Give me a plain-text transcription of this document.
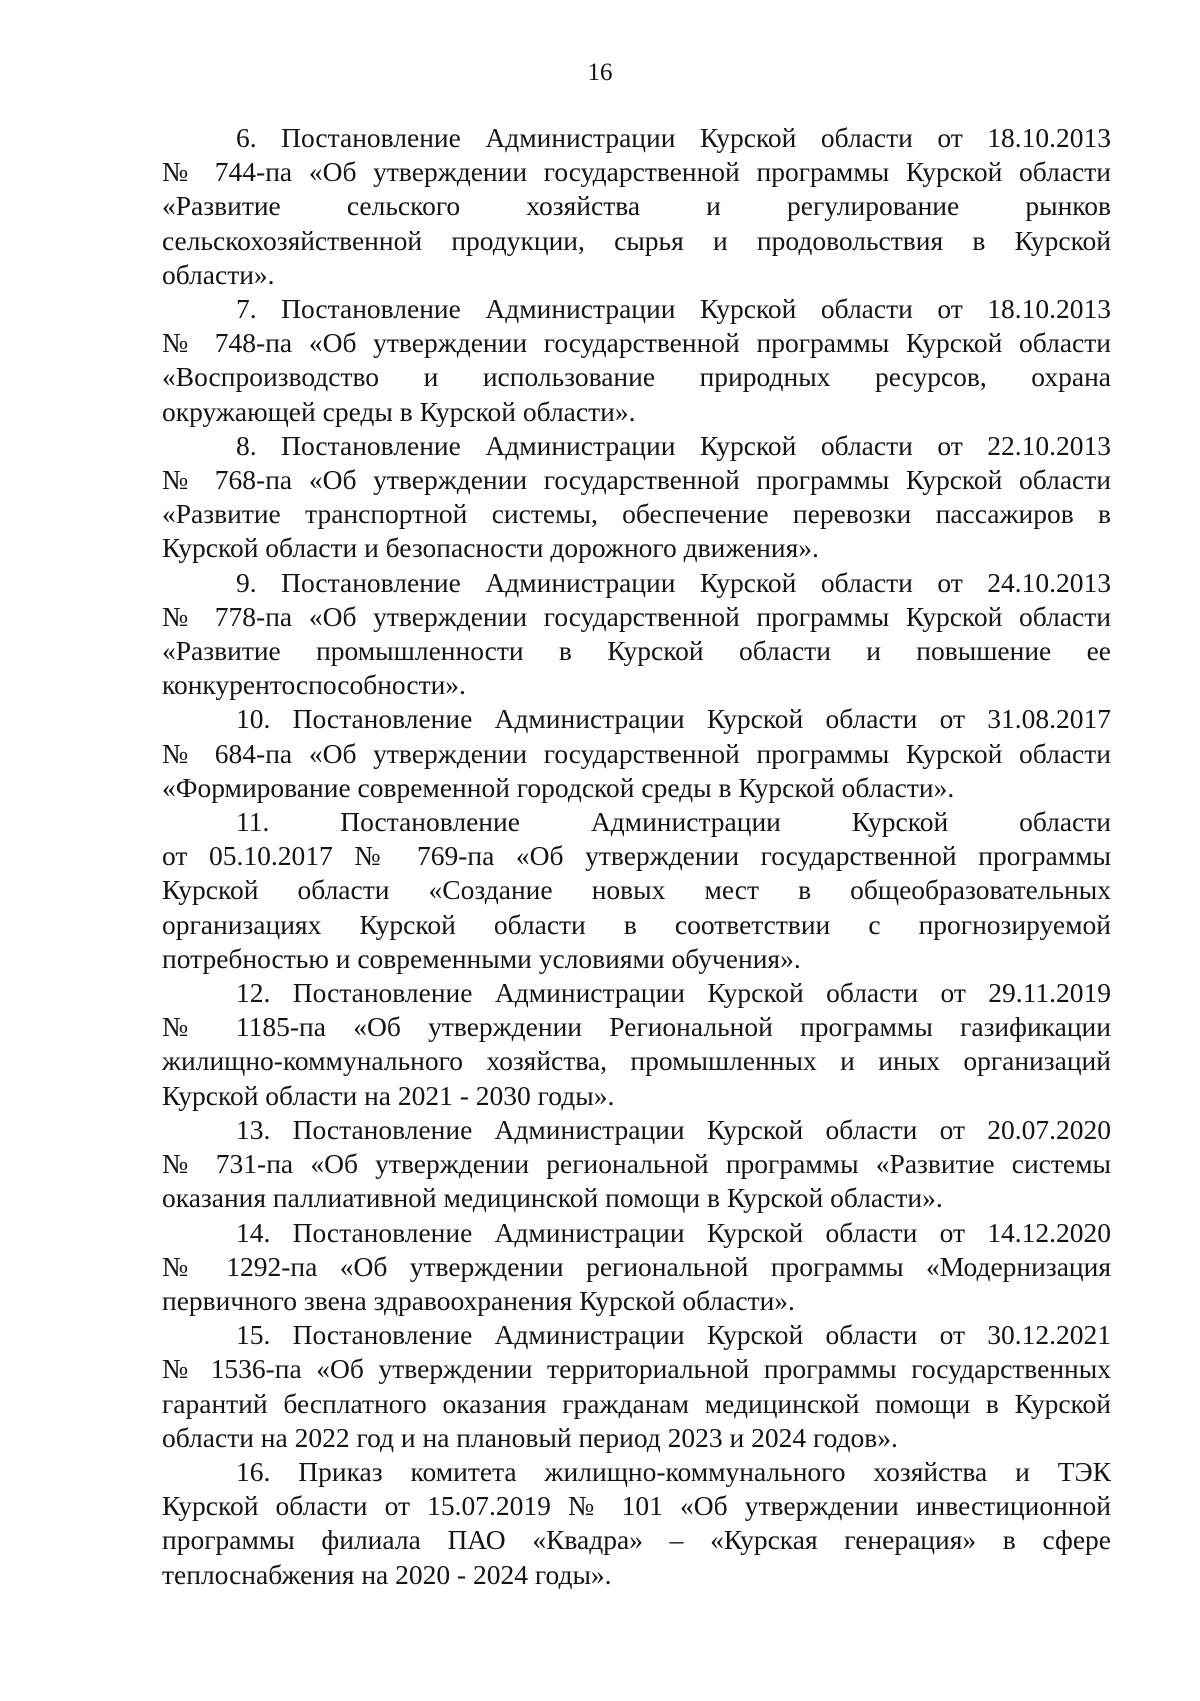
16

6. Постановление Администрации Курской области от 18.10.2013
№ 744-па «Об утверждении государственной программы Курской области
«Развитие сельского хозяйства и регулирование рынков
сельскохозяйственной продукции, сырья и продовольствия в Курской
области».

7. Постановление Администрации Курской области от 18.10.2013
№ 748-па «Об утверждении государственной программы Курской области
«Воспроизводство и использование природных ресурсов, охрана
окружающей среды в Курской области».

8. Постановление Администрации Курской области от 22.10.2013
№ 768-па «Об утверждении государственной программы Курской области
«Развитие транспортной системы, обеспечение перевозки пассажиров в
Курской области и безопасности дорожного движения».

9. Постановление Администрации Курской области от 24.10.2013
№ 778-па «Об утверждении государственной программы Курской области
«Развитие промышленности в Курской области и повышение ее
конкурентоспособности».

10. Постановление Администрации Курской области от 31.08.2017
№ 684-па «Об утверждении государственной программы Курской области
«Формирование современной городской среды в Курской области».

11. Постановление Администрации Курской области
от 05.10.2017 № 769-па «Об утверждении государственной программы
Курской области «Создание новых мест в общеобразовательных
организациях Курской области в соответствии с прогнозируемой
потребностью и современными условиями обучения».

12. Постановление Администрации Курской области от 29.11.2019
№ 1185-па «Об утверждении Региональной программы газификации
жилищно-коммунального хозяйства, промышленных и иных организаций
Курской области на 2021 - 2030 годы».

13. Постановление Администрации Курской области от 20.07.2020
№ 731-па «Об утверждении региональной программы «Развитие системы
оказания паллиативной медицинской помощи в Курской области».

14. Постановление Администрации Курской области от 14.12.2020
№ 1292-па «Об утверждении региональной программы «Модернизация
первичного звена здравоохранения Курской области».

15. Постановление Администрации Курской области от 30.12.2021
№ 1536-па «Об утверждении территориальной программы государственных
гарантий бесплатного оказания гражданам медицинской помощи в Курской
области на 2022 год и на плановый период 2023 и 2024 годов».

16. Приказ комитета жилищно-коммунального хозяйства и ТЭК
Курской области от 15.07.2019 № 101 «Об утверждении инвестиционной
программы филиала ПАО «Квадра» – «Курская генерация» в сфере
теплоснабжения на 2020 - 2024 годы».
